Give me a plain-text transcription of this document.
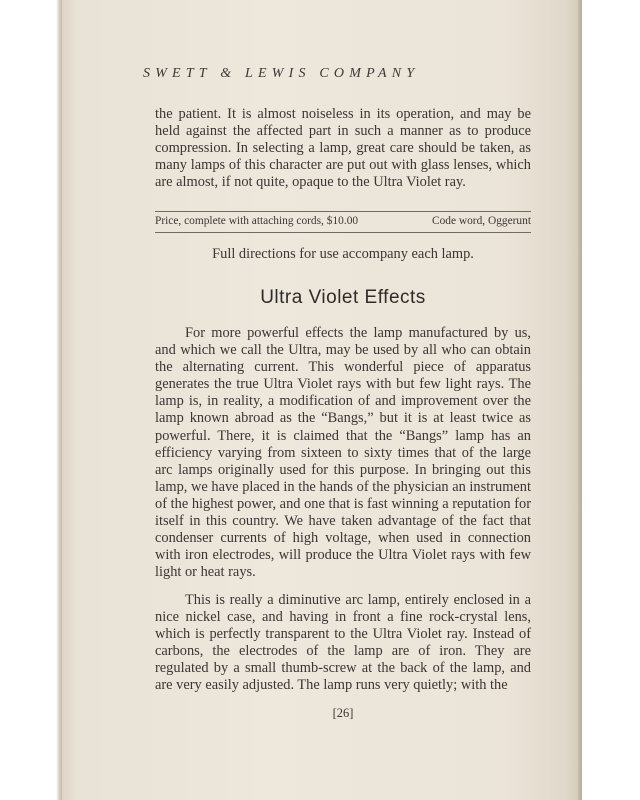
SWETT & LEWIS COMPANY

the patient. It is almost noiseless in its operation, and may be held against the affected part in such a manner as to produce compression. In selecting a lamp, great care should be taken, as many lamps of this character are put out with glass lenses, which are almost, if not quite, opaque to the Ultra Violet ray.

Price, complete with attaching cords, $10.00	Code word, Oggerunt
Full directions for use accompany each lamp.
Ultra Violet Effects

For more powerful effects the lamp manufactured by us, and which we call the Ultra, may be used by all who can obtain the alternating current. This wonderful piece of apparatus generates the true Ultra Violet rays with but few light rays. The lamp is, in reality, a modification of and improvement over the lamp known abroad as the “Bangs,” but it is at least twice as powerful. There, it is claimed that the “Bangs” lamp has an efficiency varying from sixteen to sixty times that of the large arc lamps originally used for this purpose. In bringing out this lamp, we have placed in the hands of the physician an instrument of the highest power, and one that is fast winning a reputation for itself in this country. We have taken advantage of the fact that condenser currents of high voltage, when used in connection with iron electrodes, will produce the Ultra Violet rays with few light or heat rays.

This is really a diminutive arc lamp, entirely enclosed in a nice nickel case, and having in front a fine rock-crystal lens, which is perfectly transparent to the Ultra Violet ray. Instead of carbons, the electrodes of the lamp are of iron. They are regulated by a small thumb-screw at the back of the lamp, and are very easily adjusted. The lamp runs very quietly; with the

[26]
